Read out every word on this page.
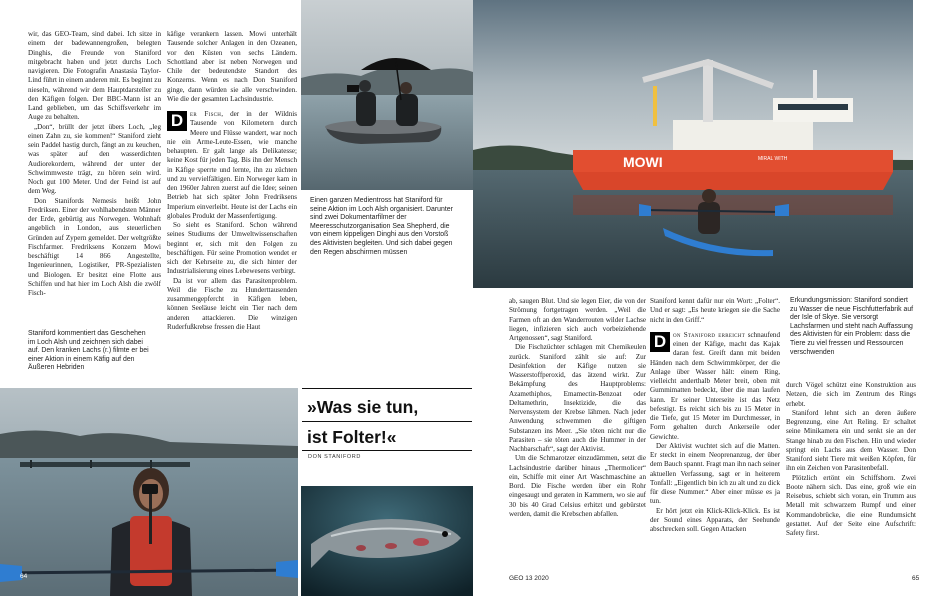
wir, das GEO-Team, sind dabei. Ich sitze in einem der badewannengroßen, belegten Dinghis, die Freunde von Staniford mitgebracht haben und jetzt durchs Loch navigieren. Die Fotografin Anastasia Taylor-Lind führt in einem anderen mit. Es beginnt zu nieseln, während wir dem Hauptdarsteller zu den Käfigen folgen. Der BBC-Mann ist an Land geblieben, um das Schiffsverkehr im Auge zu behalten.

„Don“, brüllt der jetzt übers Loch, „leg einen Zahn zu, sie kommen!“ Staniford zieht sein Paddel hastig durch, fängt an zu keuchen, was später auf den wasserdichten Audiorekordern, während der unter der Schwimmweste trägt, zu hören sein wird. Noch gut 100 Meter. Und der Feind ist auf dem Weg.

Don Stanifords Nemesis heißt John Fredriksen. Einer der wohlhabendsten Männer der Erde, gebürtig aus Norwegen. Wohnhaft angeblich in London, aus steuerlichen Gründen auf Zypern gemeldet. Der weltgrößte Fischfarmer. Fredriksens Konzern Mowi beschäftigt 14 866 Angestellte, Ingenieurinnen, Logistiker, PR-Spezialisten und Biologen. Er besitzt eine Flotte aus Schiffen und hat hier im Loch Alsh die zwölf Fisch-

käfige verankern lassen. Mowi unterhält Tausende solcher Anlagen in den Ozeanen, vor den Küsten von sechs Ländern. Schottland aber ist neben Norwegen und Chile der bedeutendste Standort des Konzerns. Wenn es nach Don Staniford ginge, dann würden sie alle verschwinden. Wie die der gesamten Lachsindustrie.

D er Fisch, der in der Wildnis Tausende von Kilometern durch Meere und Flüsse wandert, war noch nie ein Arme-Leute-Essen, wie manche behaupten. Er galt lange als Delikatesse; keine Kost für jeden Tag. Bis ihn der Mensch in Käfige sperrte und lernte, ihn zu züchten und zu vervielfältigen. Ein Norweger kam in den 1960er Jahren zuerst auf die Idee; seinen Betrieb hat sich später John Fredriksens Imperium einverleibt. Heute ist der Lachs ein globales Produkt der Massenfertigung.

So sieht es Staniford. Schon während seines Studiums der Umweltwissenschaften beginnt er, sich mit den Folgen zu beschäftigen. Für seine Promotion wendet er sich der Kehrseite zu, die sich hinter der Industrialisierung eines Lebewesens verbirgt.

Da ist vor allem das Parasitenproblem. Weil die Fische zu Hunderttausenden zusammengepfercht in Käfigen leben, können Seeläuse leicht ein Tier nach dem anderen attackieren. Die winzigen Ruderfußkrebse fressen die Haut

Einen ganzen Medientross hat Staniford für seine Aktion im Loch Alsh organisiert. Darunter sind zwei Dokumentarfilmer der Meeresschutzorganisation Sea Shepherd, die von einem kippeligen Dinghi aus den Vorstoß des Aktivisten begleiten. Und sich dabei gegen den Regen abschirmen müssen
Staniford kommentiert das Geschehen im Loch Alsh und zeichnen sich dabei auf. Den kranken Lachs (r.) filmte er bei einer Aktion in einem Käfig auf den Äußeren Hebriden
64
»Was sie tun,
ist Folter!«
DON STANIFORD
MOWI	MIRAL WITH

ab, saugen Blut. Und sie legen Eier, die von der Strömung fortgetragen werden. „Weil die Farmen oft an den Wanderrouten wilder Lachse liegen, infizieren sich auch vorbeiziehende Artgenossen“, sagt Staniford.

Die Fischzüchter schlagen mit Chemikeulen zurück. Staniford zählt sie auf: Zur Desinfektion der Käfige nutzen sie Wasserstoffperoxid, das ätzend wirkt. Zur Bekämpfung des Hauptproblems: Azamethiphos, Emamectin-Benzoat oder Deltamethrin, Insektizide, die das Nervensystem der Krebse lähmen. Nach jeder Anwendung schwemmen die giftigen Substanzen ins Meer. „Sie töten nicht nur die Parasiten – sie töten auch die Hummer in der Nachbarschaft“, sagt der Aktivist.

Um die Schmarotzer einzudämmen, setzt die Lachsindustrie darüber hinaus „Thermolicer“ ein, Schiffe mit einer Art Waschmaschine an Bord. Die Fische werden über ein Rohr eingesaugt und geraten in Kammern, wo sie auf 30 bis 40 Grad Celsius erhitzt und gebürstet werden, damit die Krebschen abfallen.

Staniford kennt dafür nur ein Wort: „Folter“. Und er sagt: „Es heute kriegen sie die Sache nicht in den Griff.“

D on Staniford erreicht schnaufend einen der Käfige, macht das Kajak daran fest. Greift dann mit beiden Händen nach dem Schwimmkörper, der die Anlage über Wasser hält: einem Ring, vielleicht anderthalb Meter breit, oben mit Gummimatten bedeckt, über die man laufen kann. Er seiner Unterseite ist das Netz befestigt. Es reicht sich bis zu 15 Meter in die Tiefe, gut 15 Meter im Durchmesser, in Form gehalten durch Ankerseile oder Gewichte.

Der Aktivist wuchtet sich auf die Matten. Er steckt in einem Neoprenanzug, der über dem Bauch spannt. Fragt man ihn nach seiner aktuellen Verfassung, sagt er in heiterem Tonfall: „Eigentlich bin ich zu alt und zu dick für diese Nummer.“ Aber einer müsse es ja tun.

Er hört jetzt ein Klick-Klick-Klick. Es ist der Sound eines Apparats, der Seehunde abschrecken soll. Gegen Attacken

Erkundungsmission: Staniford sondiert zu Wasser die neue Fischfutterfabrik auf der Isle of Skye. Sie versorgt Lachsfarmen und steht nach Auffassung des Aktivisten für ein Problem: dass die Tiere zu viel fressen und Ressourcen verschwenden

durch Vögel schützt eine Konstruktion aus Netzen, die sich im Zentrum des Rings erhebt.

Staniford lehnt sich an deren äußere Begrenzung, eine Art Reling. Er schaltet seine Minikamera ein und senkt sie an der Stange hinab zu den Fischen. Hin und wieder springt ein Lachs aus dem Wasser. Don Staniford sieht Tiere mit weißen Köpfen, für ihn ein Zeichen von Parasitenbefall.

Plötzlich ertönt ein Schiffshorn. Zwei Boote nähern sich. Das eine, groß wie ein Reisebus, schiebt sich voran, ein Trumm aus Metall mit schwarzem Rumpf und einer Kommandobrücke, die eine Rundumsicht gestattet. Auf der Seite eine Aufschrift: Safety first.

GEO 13 2020	65
